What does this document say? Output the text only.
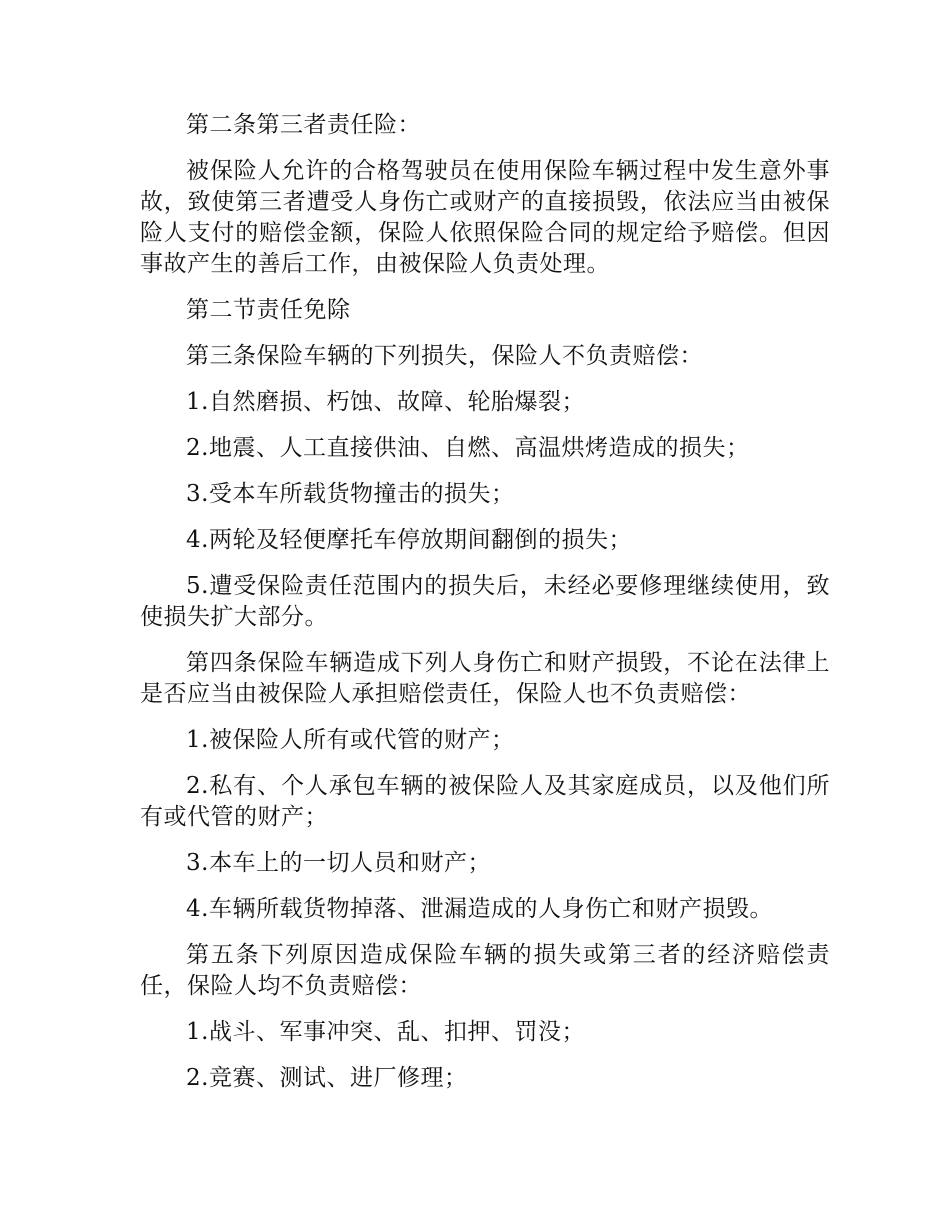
第二条第三者责任险：

被保险人允许的合格驾驶员在使用保险车辆过程中发生意外事故，致使第三者遭受人身伤亡或财产的直接损毁，依法应当由被保险人支付的赔偿金额，保险人依照保险合同的规定给予赔偿。但因事故产生的善后工作，由被保险人负责处理。

第二节责任免除

第三条保险车辆的下列损失，保险人不负责赔偿：

1.自然磨损、朽蚀、故障、轮胎爆裂；

2.地震、人工直接供油、自燃、高温烘烤造成的损失；

3.受本车所载货物撞击的损失；

4.两轮及轻便摩托车停放期间翻倒的损失；

5.遭受保险责任范围内的损失后，未经必要修理继续使用，致使损失扩大部分。

第四条保险车辆造成下列人身伤亡和财产损毁，不论在法律上是否应当由被保险人承担赔偿责任，保险人也不负责赔偿：

1.被保险人所有或代管的财产；

2.私有、个人承包车辆的被保险人及其家庭成员，以及他们所有或代管的财产；

3.本车上的一切人员和财产；

4.车辆所载货物掉落、泄漏造成的人身伤亡和财产损毁。

第五条下列原因造成保险车辆的损失或第三者的经济赔偿责任，保险人均不负责赔偿：

1.战斗、军事冲突、乱、扣押、罚没；

2.竞赛、测试、进厂修理；
